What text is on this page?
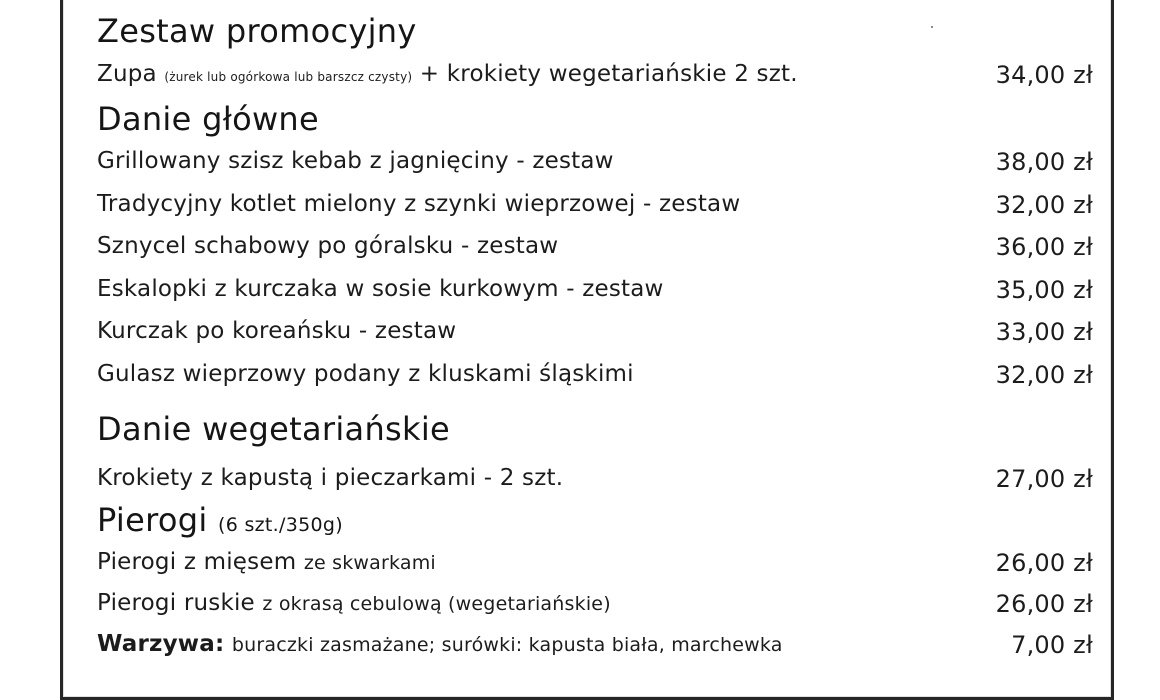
Zestaw promocyjny
Zupa (żurek lub ogórkowa lub barszcz czysty) + krokiety wegetariańskie 2 szt.	34,00 zł
Danie główne
Grillowany szisz kebab z jagnięciny - zestaw	38,00 zł
Tradycyjny kotlet mielony z szynki wieprzowej - zestaw	32,00 zł
Sznycel schabowy po góralsku - zestaw	36,00 zł
Eskalopki z kurczaka w sosie kurkowym - zestaw	35,00 zł
Kurczak po koreańsku - zestaw	33,00 zł
Gulasz wieprzowy podany z kluskami śląskimi	32,00 zł
Danie wegetariańskie
Krokiety z kapustą i pieczarkami - 2 szt.	27,00 zł
Pierogi (6 szt./350g)
Pierogi z mięsem ze skwarkami	26,00 zł
Pierogi ruskie z okrasą cebulową (wegetariańskie)	26,00 zł
Warzywa: buraczki zasmażane; surówki: kapusta biała, marchewka	7,00 zł
